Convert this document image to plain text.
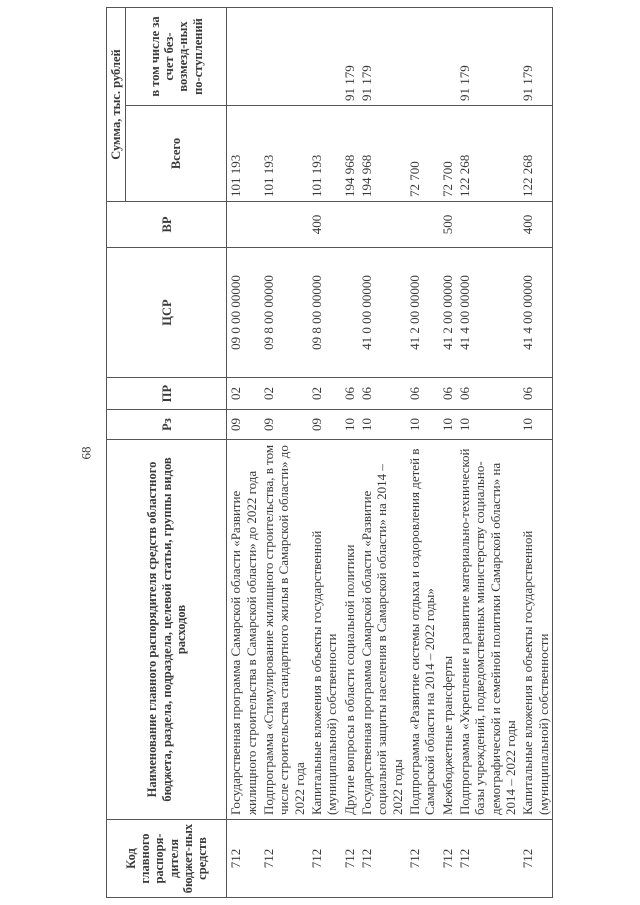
68
Код главного распоря-дителя бюджет-ных средств	Наименование главного распорядителя средств областного бюджета, раздела, подраздела, целевой статьи, группы видов расходов	Рз	ПР	ЦСР	ВР	Сумма, тыс. рублей	
						Всего	в том числе за счет без-возмезд-ных по-ступлений
712	Государственная программа Самарской области «Развитие жилищного строительства в Самарской области» до 2022 года	09	02	09 0 00 00000		101 193	
712	Подпрограмма «Стимулирование жилищного строительства, в том числе строительства стандартного жилья в Самарской области» до 2022 года	09	02	09 8 00 00000		101 193	
712	Капитальные вложения в объекты государственной (муниципальной) собственности	09	02	09 8 00 00000	400	101 193	
712	Другие вопросы в области социальной политики	10	06			194 968	91 179
712	Государственная программа Самарской области «Развитие социальной защиты населения в Самарской области» на 2014 – 2022 годы	10	06	41 0 00 00000		194 968	91 179
712	Подпрограмма «Развитие системы отдыха и оздоровления детей в Самарской области на 2014 – 2022 годы»	10	06	41 2 00 00000		72 700	
712	Межбюджетные трансферты	10	06	41 2 00 00000	500	72 700	
712	Подпрограмма «Укрепление и развитие материально-технической базы учреждений, подведомственных министерству социально-демографической и семейной политики Самарской области» на 2014 – 2022 годы	10	06	41 4 00 00000		122 268	91 179
712	Капитальные вложения в объекты государственной (муниципальной) собственности	10	06	41 4 00 00000	400	122 268	91 179
